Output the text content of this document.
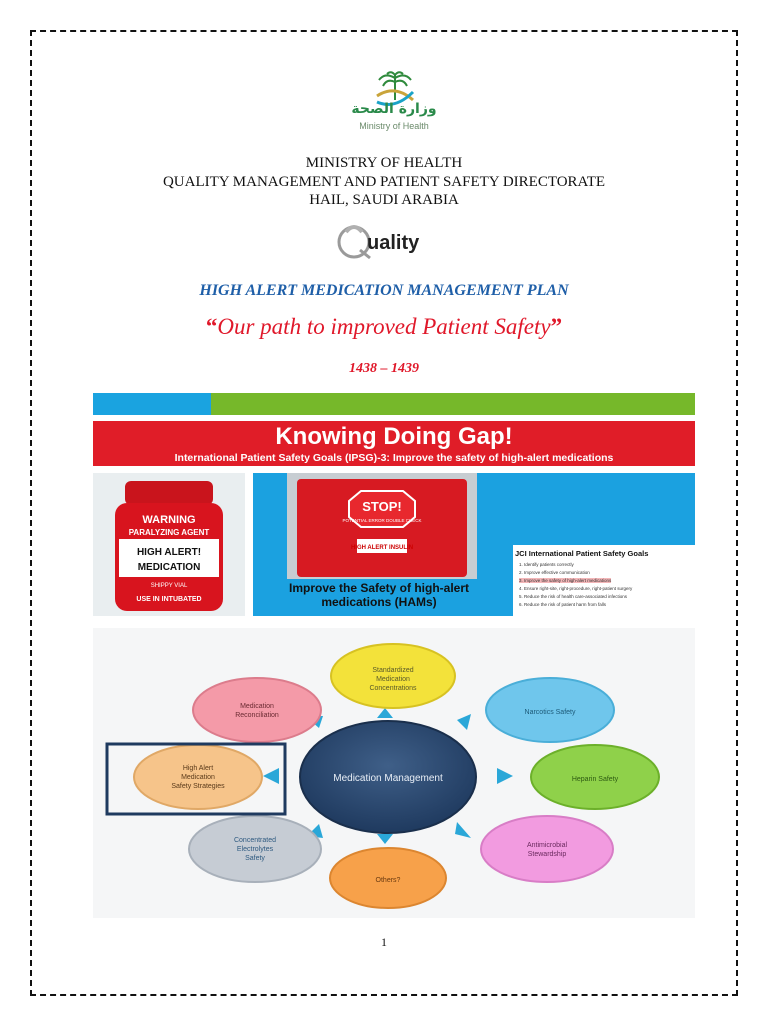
وزارة الصحة
Ministry of Health
MINISTRY OF HEALTH
QUALITY MANAGEMENT AND PATIENT SAFETY DIRECTORATE
HAIL, SAUDI ARABIA
uality
HIGH ALERT MEDICATION MANAGEMENT PLAN
“Our path to improved Patient Safety”
1438 – 1439
Knowing Doing Gap!
International Patient Safety Goals (IPSG)-3: Improve the safety of high-alert medications
WARNING
PARALYZING AGENT
HIGH ALERT!
MEDICATION
SHIPPY VIAL
USE IN INTUBATED
STOP!
POTENTIAL ERROR DOUBLE CHECK
HIGH ALERT INSULIN
Improve the Safety of high-alert medications (HAMs)
JCI International Patient Safety Goals
1. Identify patients correctly
2. Improve effective communication
3. Improve the safety of high-alert medications
4. Ensure right-site, right-procedure, right-patient surgery
5. Reduce the risk of health care-associated infections
6. Reduce the risk of patient harm from falls
Medication Management
Standardized Medication Concentrations
Narcotics Safety
Heparin Safety
Antimicrobial Stewardship
Others?
Concentrated Electrolytes Safety
High Alert Medication Safety Strategies
Medication Reconciliation
1
